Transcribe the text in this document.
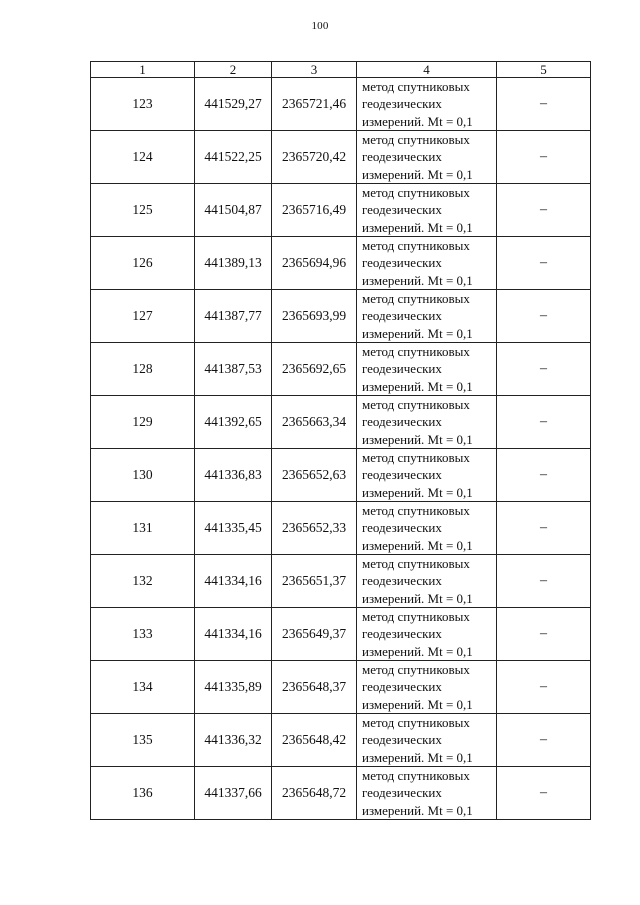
100
1	2	3	4	5
123	441529,27	2365721,46	метод спутниковых
геодезических
измерений. Mt = 0,1	–
124	441522,25	2365720,42	метод спутниковых
геодезических
измерений. Mt = 0,1	–
125	441504,87	2365716,49	метод спутниковых
геодезических
измерений. Mt = 0,1	–
126	441389,13	2365694,96	метод спутниковых
геодезических
измерений. Mt = 0,1	–
127	441387,77	2365693,99	метод спутниковых
геодезических
измерений. Mt = 0,1	–
128	441387,53	2365692,65	метод спутниковых
геодезических
измерений. Mt = 0,1	–
129	441392,65	2365663,34	метод спутниковых
геодезических
измерений. Mt = 0,1	–
130	441336,83	2365652,63	метод спутниковых
геодезических
измерений. Mt = 0,1	–
131	441335,45	2365652,33	метод спутниковых
геодезических
измерений. Mt = 0,1	–
132	441334,16	2365651,37	метод спутниковых
геодезических
измерений. Mt = 0,1	–
133	441334,16	2365649,37	метод спутниковых
геодезических
измерений. Mt = 0,1	–
134	441335,89	2365648,37	метод спутниковых
геодезических
измерений. Mt = 0,1	–
135	441336,32	2365648,42	метод спутниковых
геодезических
измерений. Mt = 0,1	–
136	441337,66	2365648,72	метод спутниковых
геодезических
измерений. Mt = 0,1	–
